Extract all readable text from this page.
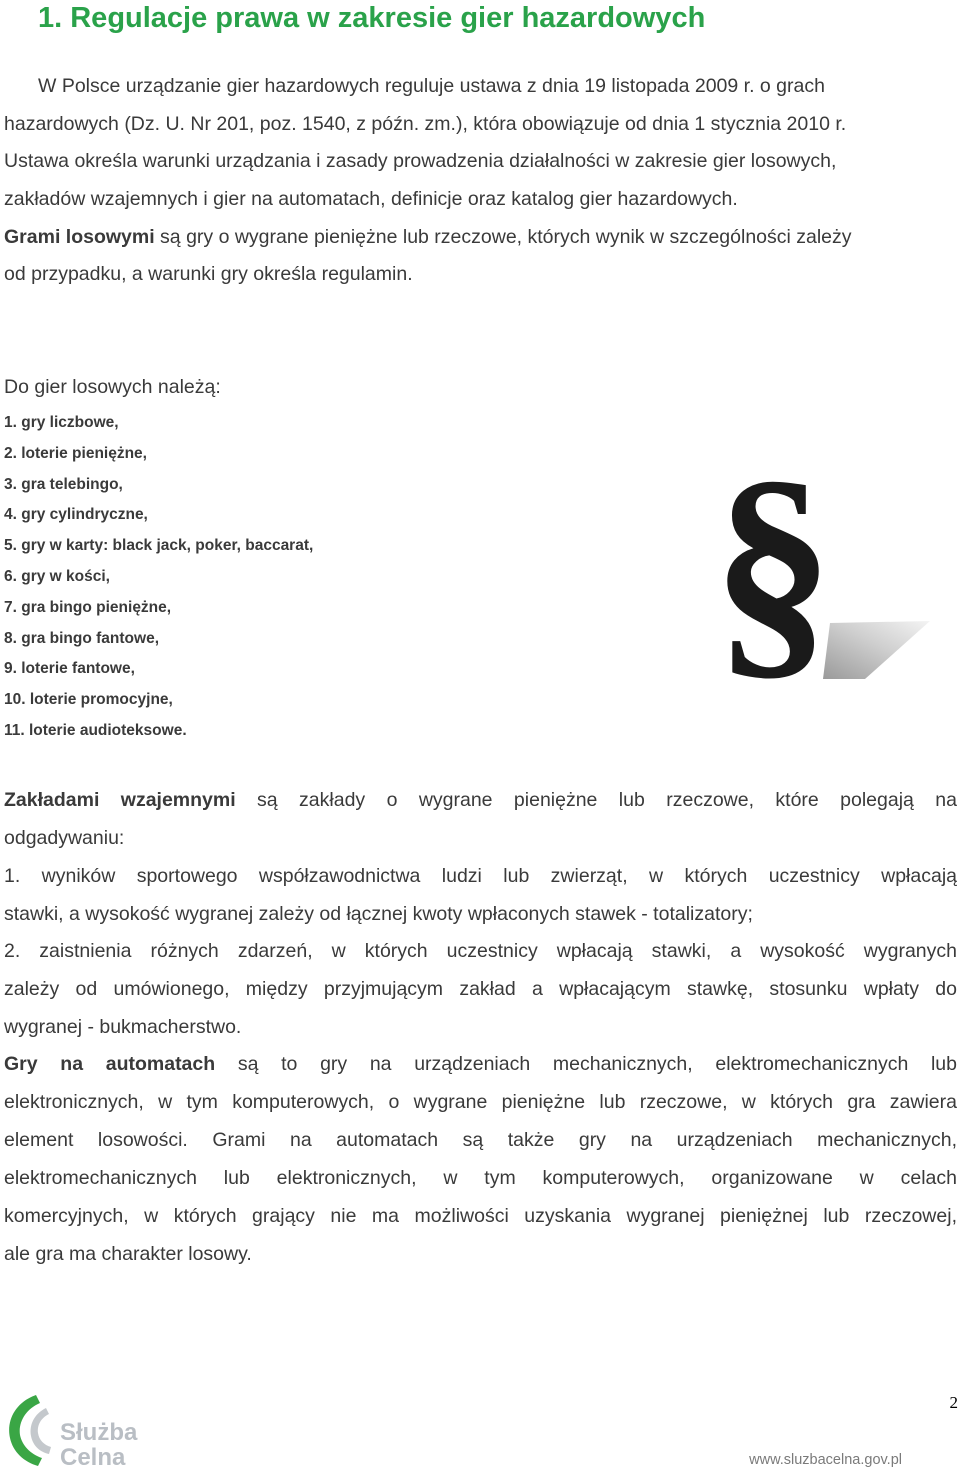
1. Regulacje prawa w zakresie gier hazardowych
W Polsce urządzanie gier hazardowych reguluje ustawa z dnia 19 listopada 2009 r. o grach
hazardowych (Dz. U. Nr 201, poz. 1540, z późn. zm.), która obowiązuje od dnia 1 stycznia 2010 r.
Ustawa określa warunki urządzania i zasady prowadzenia działalności w zakresie gier losowych,
zakładów wzajemnych i gier na automatach, definicje oraz katalog gier hazardowych.
Grami losowymi są gry o wygrane pieniężne lub rzeczowe, których wynik w szczególności zależy
od przypadku, a warunki gry określa regulamin.
Do gier losowych należą:
1. gry liczbowe,
2. loterie pieniężne,
3. gra telebingo,
4. gry cylindryczne,
5. gry w karty: black jack, poker, baccarat,
6. gry w kości,
7. gra bingo pieniężne,
8. gra bingo fantowe,
9. loterie fantowe,
10. loterie promocyjne,
11. loterie audioteksowe.
§
Zakładami wzajemnymi są zakłady o wygrane pieniężne lub rzeczowe, które polegają na
odgadywaniu:
1. wyników sportowego współzawodnictwa ludzi lub zwierząt, w których uczestnicy wpłacają
stawki, a wysokość wygranej zależy od łącznej kwoty wpłaconych stawek - totalizatory;
2. zaistnienia różnych zdarzeń, w których uczestnicy wpłacają stawki, a wysokość wygranych
zależy od umówionego, między przyjmującym zakład a wpłacającym stawkę, stosunku wpłaty do
wygranej - bukmacherstwo.
Gry na automatach są to gry na urządzeniach mechanicznych, elektromechanicznych lub
elektronicznych, w tym komputerowych, o wygrane pieniężne lub rzeczowe, w których gra zawiera
element losowości. Grami na automatach są także gry na urządzeniach mechanicznych,
elektromechanicznych lub elektronicznych, w tym komputerowych, organizowane w celach
komercyjnych, w których grający nie ma możliwości uzyskania wygranej pieniężnej lub rzeczowej,
ale gra ma charakter losowy.
2
Służba
Celna	www.sluzbacelna.gov.pl
